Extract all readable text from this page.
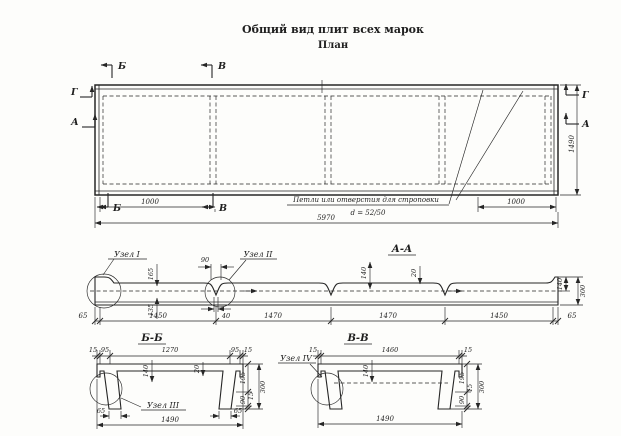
Общий вид плит всех марок
План
Б	В
Б	В
Г
А
Г
А
Петли или отверстия для строповки
d = 52/50
1000	1000
5970
1490
А-А
Узел I	Узел II
90
40
165
135
140	20
140
300
65	1450	1470	1470	1450	65
Б-Б
15 95	1270	95 15
Узел III
140	20
195
90 15
300
65	65
1490
В-В
15	1460	15
Узел IV
140
195
90
15 300
1490
